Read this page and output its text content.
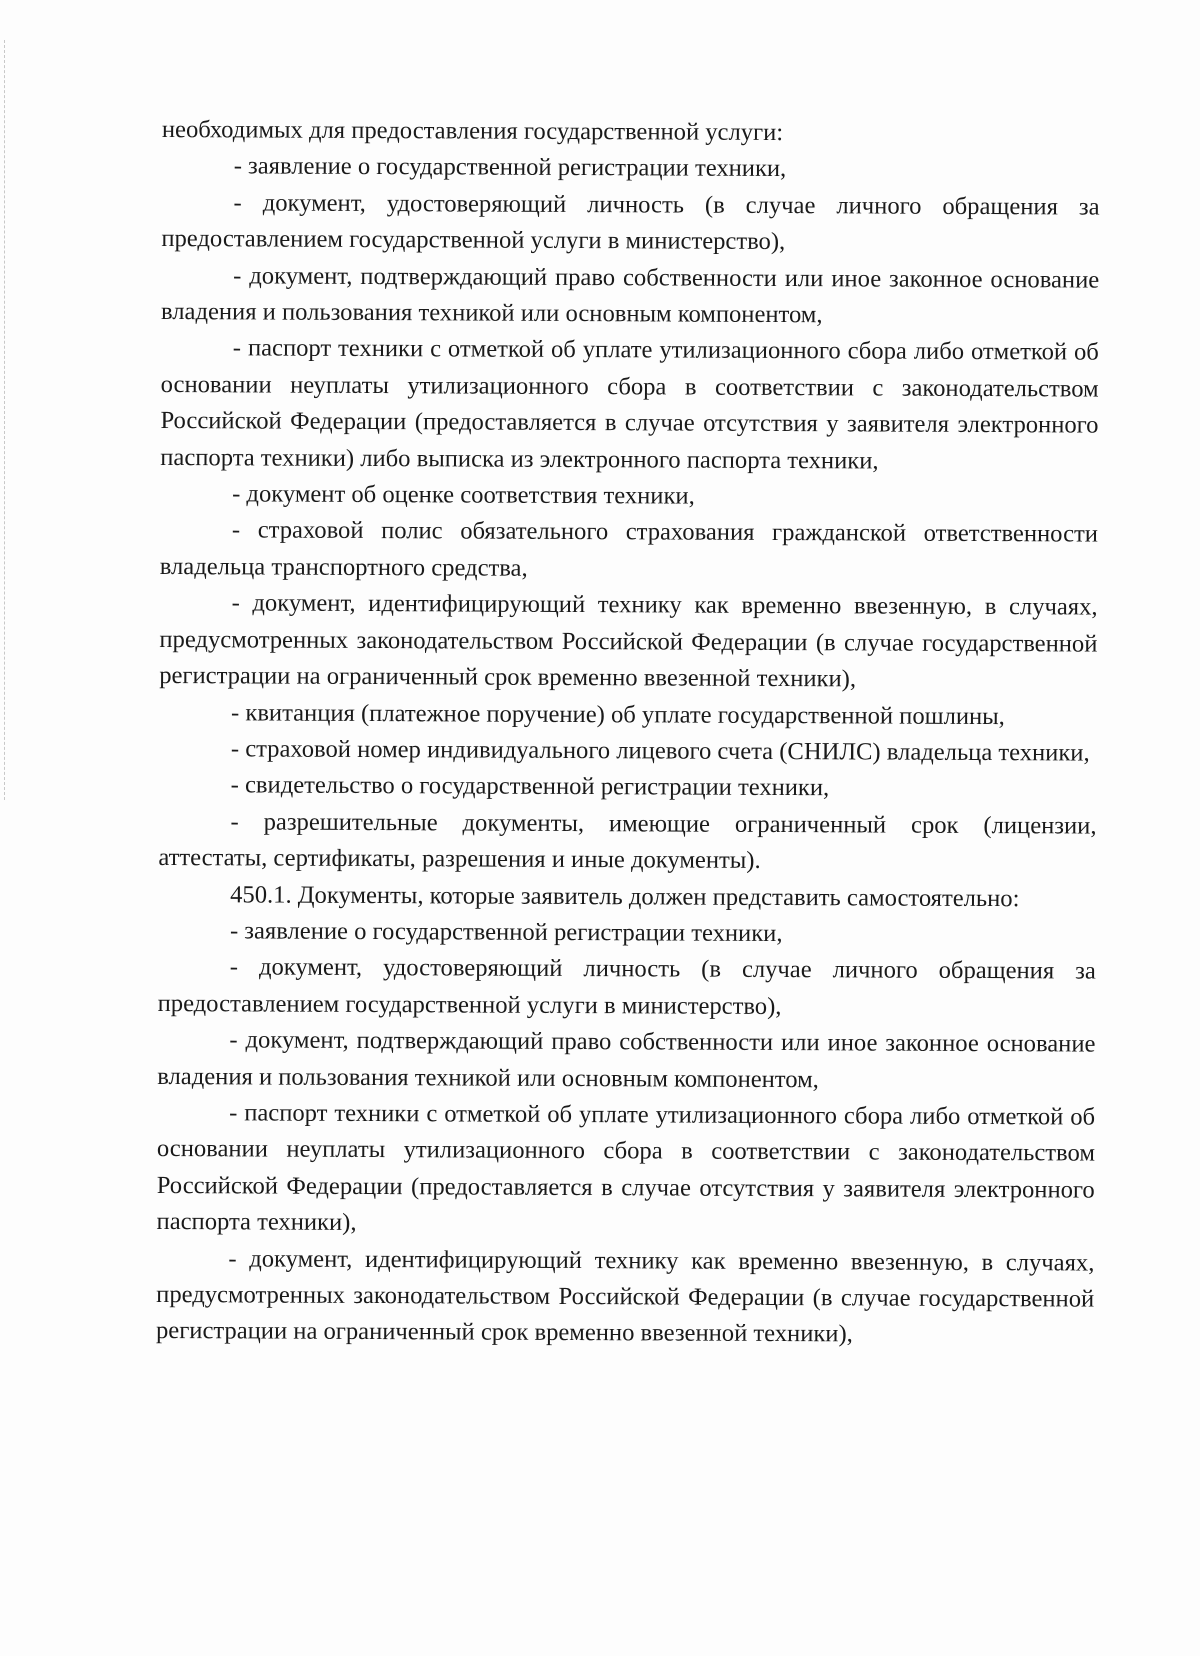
необходимых для предоставления государственной услуги:

- заявление о государственной регистрации техники,

- документ, удостоверяющий личность (в случае личного обращения за предоставлением государственной услуги в министерство),

- документ, подтверждающий право собственности или иное законное основание владения и пользования техникой или основным компонентом,

- паспорт техники с отметкой об уплате утилизационного сбора либо отметкой об основании неуплаты утилизационного сбора в соответствии с законодательством Российской Федерации (предоставляется в случае отсутствия у заявителя электронного паспорта техники) либо выписка из электронного паспорта техники,

- документ об оценке соответствия техники,

- страховой полис обязательного страхования гражданской ответственности владельца транспортного средства,

- документ, идентифицирующий технику как временно ввезенную, в случаях, предусмотренных законодательством Российской Федерации (в случае государственной регистрации на ограниченный срок временно ввезенной техники),

- квитанция (платежное поручение) об уплате государственной пошлины,

- страховой номер индивидуального лицевого счета (СНИЛС) владельца техники,

- свидетельство о государственной регистрации техники,

- разрешительные документы, имеющие ограниченный срок (лицензии, аттестаты, сертификаты, разрешения и иные документы).

450.1. Документы, которые заявитель должен представить самостоятельно:

- заявление о государственной регистрации техники,

- документ, удостоверяющий личность (в случае личного обращения за предоставлением государственной услуги в министерство),

- документ, подтверждающий право собственности или иное законное основание владения и пользования техникой или основным компонентом,

- паспорт техники с отметкой об уплате утилизационного сбора либо отметкой об основании неуплаты утилизационного сбора в соответствии с законодательством Российской Федерации (предоставляется в случае отсутствия у заявителя электронного паспорта техники),

- документ, идентифицирующий технику как временно ввезенную, в случаях, предусмотренных законодательством Российской Федерации (в случае государственной регистрации на ограниченный срок временно ввезенной техники),
